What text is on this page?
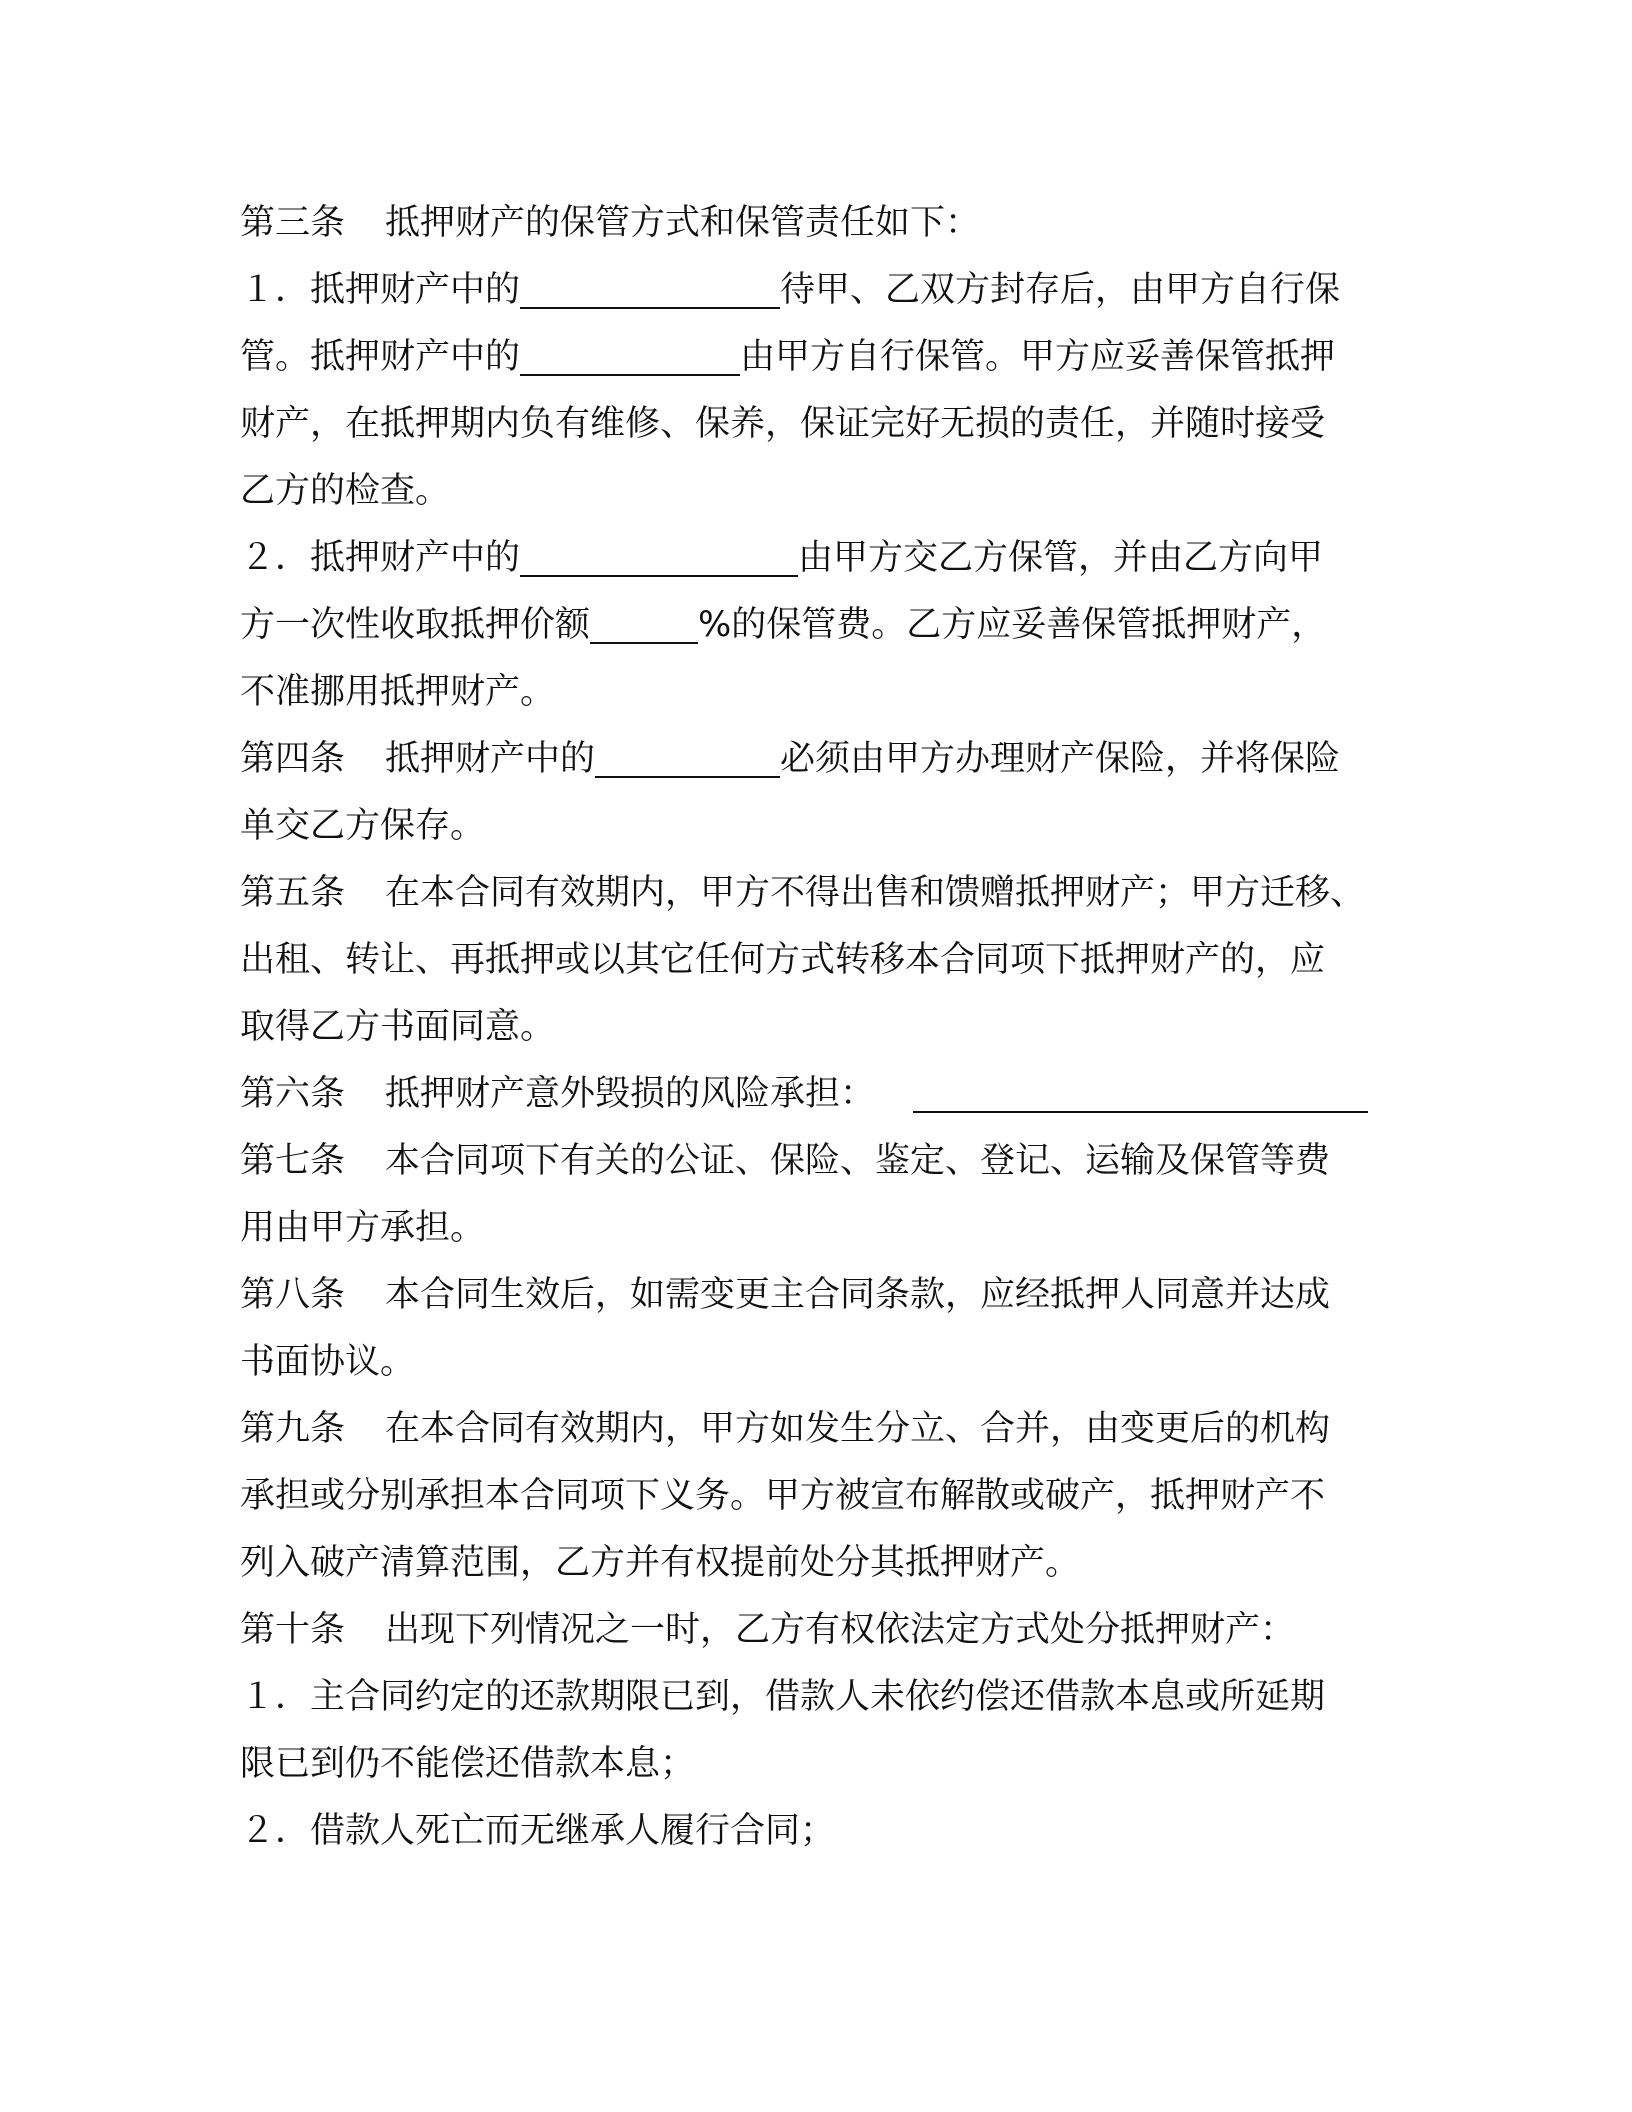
第三条 抵押财产的保管方式和保管责任如下：
１．抵押财产中的	待甲、乙双方封存后，由甲方自行保
管。抵押财产中的	由甲方自行保管。甲方应妥善保管抵押
财产，在抵押期内负有维修、保养，保证完好无损的责任，并随时接受
乙方的检查。
２．抵押财产中的	由甲方交乙方保管，并由乙方向甲
方一次性收取抵押价额	%的保管费。乙方应妥善保管抵押财产，
不准挪用抵押财产。
第四条 抵押财产中的	必须由甲方办理财产保险，并将保险
单交乙方保存。
第五条 在本合同有效期内，甲方不得出售和馈赠抵押财产；甲方迁移、
出租、转让、再抵押或以其它任何方式转移本合同项下抵押财产的，应
取得乙方书面同意。
第六条 抵押财产意外毁损的风险承担：
第七条 本合同项下有关的公证、保险、鉴定、登记、运输及保管等费
用由甲方承担。
第八条 本合同生效后，如需变更主合同条款，应经抵押人同意并达成
书面协议。
第九条 在本合同有效期内，甲方如发生分立、合并，由变更后的机构
承担或分别承担本合同项下义务。甲方被宣布解散或破产，抵押财产不
列入破产清算范围，乙方并有权提前处分其抵押财产。
第十条 出现下列情况之一时，乙方有权依法定方式处分抵押财产：
１．主合同约定的还款期限已到，借款人未依约偿还借款本息或所延期
限已到仍不能偿还借款本息；
２．借款人死亡而无继承人履行合同；
